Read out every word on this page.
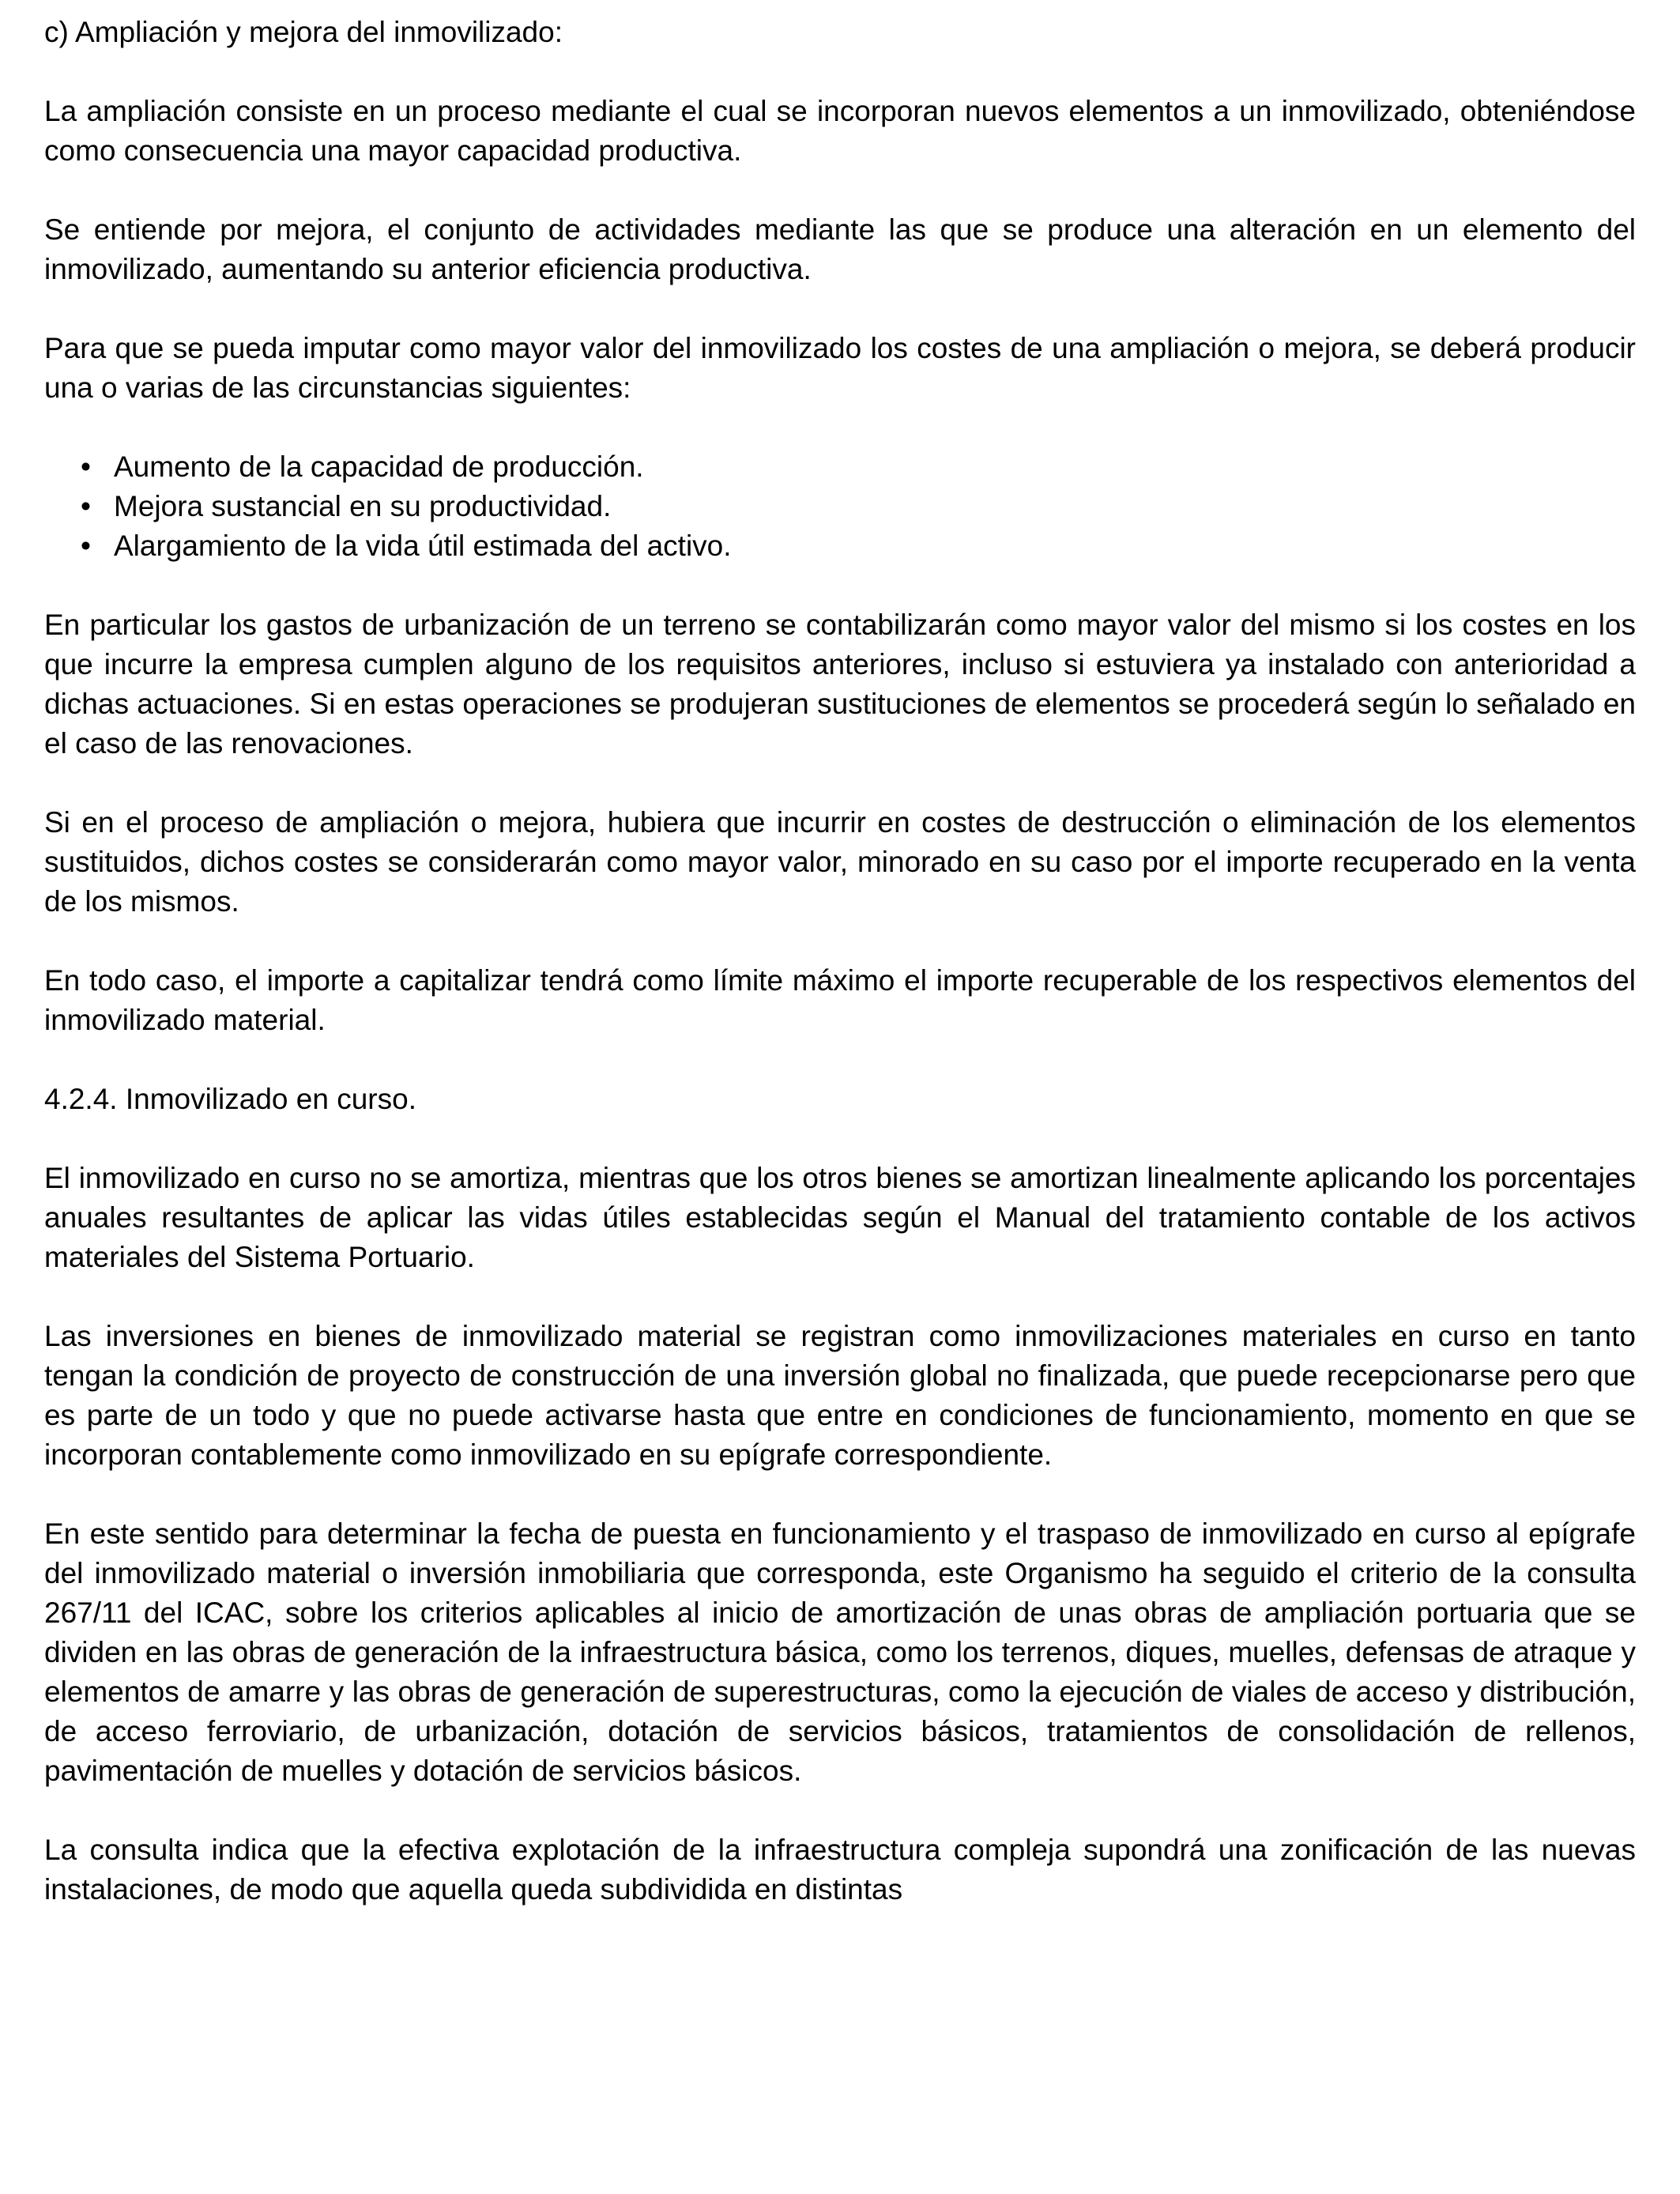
c) Ampliación y mejora del inmovilizado:

La ampliación consiste en un proceso mediante el cual se incorporan nuevos elementos a un inmovilizado, obteniéndose como consecuencia una mayor capacidad productiva.

Se entiende por mejora, el conjunto de actividades mediante las que se produce una alteración en un elemento del inmovilizado, aumentando su anterior eficiencia productiva.

Para que se pueda imputar como mayor valor del inmovilizado los costes de una ampliación o mejora, se deberá producir una o varias de las circunstancias siguientes:

• Aumento de la capacidad de producción.
• Mejora sustancial en su productividad.
• Alargamiento de la vida útil estimada del activo.

En particular los gastos de urbanización de un terreno se contabilizarán como mayor valor del mismo si los costes en los que incurre la empresa cumplen alguno de los requisitos anteriores, incluso si estuviera ya instalado con anterioridad a dichas actuaciones. Si en estas operaciones se produjeran sustituciones de elementos se procederá según lo señalado en el caso de las renovaciones.

Si en el proceso de ampliación o mejora, hubiera que incurrir en costes de destrucción o eliminación de los elementos sustituidos, dichos costes se considerarán como mayor valor, minorado en su caso por el importe recuperado en la venta de los mismos.

En todo caso, el importe a capitalizar tendrá como límite máximo el importe recuperable de los respectivos elementos del inmovilizado material.

4.2.4. Inmovilizado en curso.

El inmovilizado en curso no se amortiza, mientras que los otros bienes se amortizan linealmente aplicando los porcentajes anuales resultantes de aplicar las vidas útiles establecidas según el Manual del tratamiento contable de los activos materiales del Sistema Portuario.

Las inversiones en bienes de inmovilizado material se registran como inmovilizaciones materiales en curso en tanto tengan la condición de proyecto de construcción de una inversión global no finalizada, que puede recepcionarse pero que es parte de un todo y que no puede activarse hasta que entre en condiciones de funcionamiento, momento en que se incorporan contablemente como inmovilizado en su epígrafe correspondiente.

En este sentido para determinar la fecha de puesta en funcionamiento y el traspaso de inmovilizado en curso al epígrafe del inmovilizado material o inversión inmobiliaria que corresponda, este Organismo ha seguido el criterio de la consulta 267/11 del ICAC, sobre los criterios aplicables al inicio de amortización de unas obras de ampliación portuaria que se dividen en las obras de generación de la infraestructura básica, como los terrenos, diques, muelles, defensas de atraque y elementos de amarre y las obras de generación de superestructuras, como la ejecución de viales de acceso y distribución, de acceso ferroviario, de urbanización, dotación de servicios básicos, tratamientos de consolidación de rellenos, pavimentación de muelles y dotación de servicios básicos.

La consulta indica que la efectiva explotación de la infraestructura compleja supondrá una zonificación de las nuevas instalaciones, de modo que aquella queda subdividida en distintas
